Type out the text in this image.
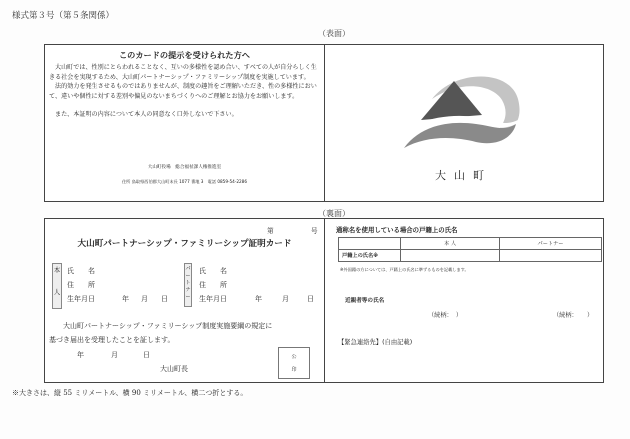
様式第３号（第５条関係）
（表面）
このカードの提示を受けられた方へ

大山町では、性別にとらわれることなく、互いの多様性を認め合い、すべての人が自分らしく生きる社会を実現するため、大山町パートナーシップ・ファミリーシップ制度を実施しています。

法的効力を発生させるものではありませんが、制度の趣旨をご理解いただき、性の多様性において、違いや個性に対する差別や偏見のないまちづくりへのご理解とお協力をお願いします。

また、本証明の内容について本人の同意なく口外しないで下さい。

大山町役場　総合福祉課人権推進室
住所 鳥取県西伯郡大山町末長 1077 番地 3　電話 0859-54-2286	大山町
（裏面）
第	号
大山町パートナーシップ・ファミリーシップ証明カード
本

人
氏　　名
住　　所
生年月日	年 月 日
パ
ー
ト
ナ
ー
氏　　名
住　　所
生年月日	年	月	日
大山町パートナーシップ・ファミリーシップ制度実施要綱の規定に
基づき届出を受理したことを証します。
年	月	日
大山町長
公
印
通称名を使用している場合の戸籍上の氏名
	本 人	パートナー
戸籍上の氏名※		
※外国籍の方については、戸籍上の氏名に準ずるものを記載します。
近親者等の氏名
（続柄：　）	（続柄：　　）
【緊急連絡先】(自由記載)
※大きさは、縦 55 ミリメートル、横 90 ミリメートル、横二つ折とする。
